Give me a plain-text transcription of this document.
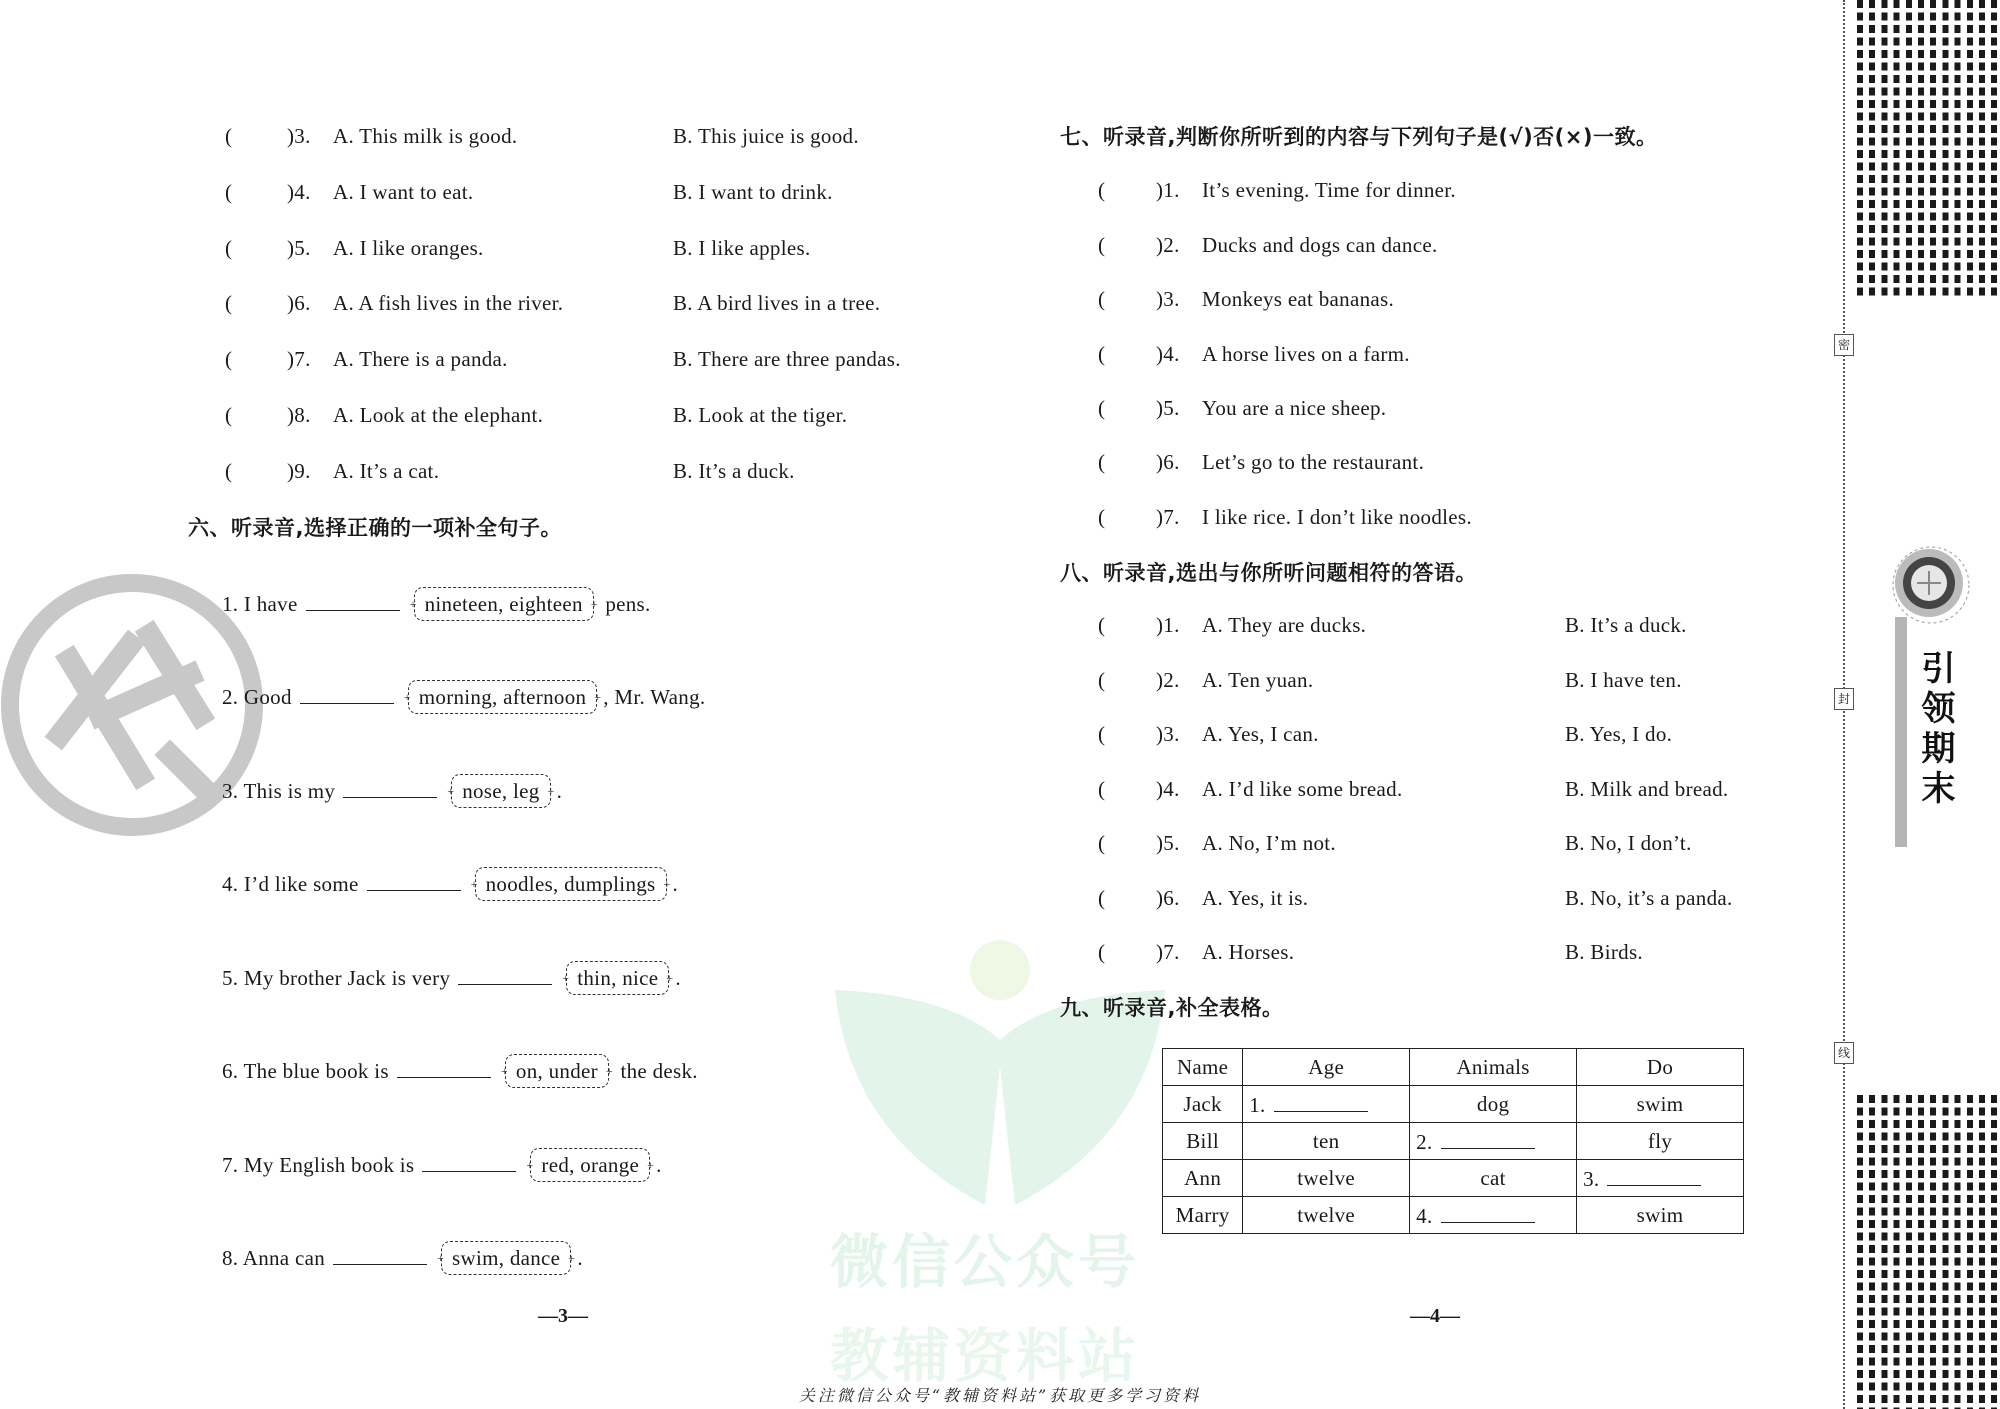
微信公众号
教辅资料站
(	)3. A. This milk is good.	B. This juice is good.
(	)4. A. I want to eat.	B. I want to drink.
(	)5. A. I like oranges.	B. I like apples.
(	)6. A. A fish lives in the river.	B. A bird lives in a tree.
(	)7. A. There is a panda.	B. There are three pandas.
(	)8. A. Look at the elephant.	B. Look at the tiger.
(	)9. A. It’s a cat.	B. It’s a duck.
六、听录音,选择正确的一项补全句子。
1. I have	+ nineteen, eighteen + pens.
2. Good	+ morning, afternoon + , Mr. Wang.
3. This is my	+ nose, leg + .
4. I’d like some	+ noodles, dumplings + .
5. My brother Jack is very	+ thin, nice + .
6. The blue book is	+ on, under + the desk.
7. My English book is	+ red, orange + .
8. Anna can	+ swim, dance + .
—3—
七、听录音,判断你所听到的内容与下列句子是(√)否(×)一致。
( )1. It’s evening. Time for dinner.
( )2. Ducks and dogs can dance.
( )3. Monkeys eat bananas.
( )4. A horse lives on a farm.
( )5. You are a nice sheep.
( )6. Let’s go to the restaurant.
( )7. I like rice. I don’t like noodles.
八、听录音,选出与你所听问题相符的答语。
( )1. A. They are ducks.	B. It’s a duck.
( )2. A. Ten yuan.	B. I have ten.
( )3. A. Yes, I can.	B. Yes, I do.
( )4. A. I’d like some bread.	B. Milk and bread.
( )5. A. No, I’m not.	B. No, I don’t.
( )6. A. Yes, it is.	B. No, it’s a panda.
( )7. A. Horses.	B. Birds.
九、听录音,补全表格。
Name	Age	Animals	Do
Jack	1.	dog	swim
Bill	ten	2.	fly
Ann	twelve	cat	3.
Marry	twelve	4.	swim
—4—
密
封
线
引领期末
关注微信公众号“教辅资料站”获取更多学习资料
